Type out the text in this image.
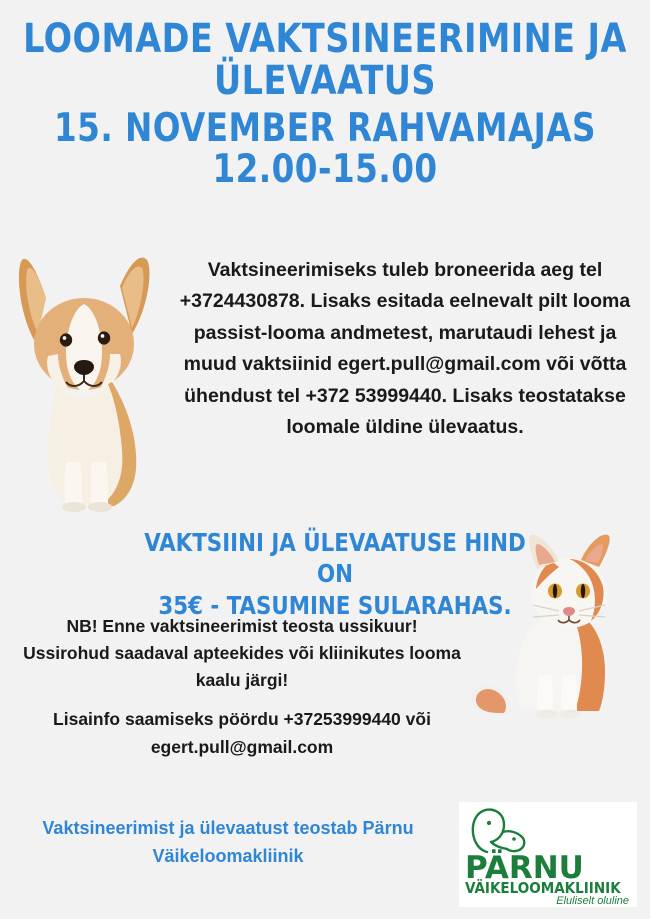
LOOMADE VAKTSINEERIMINE JA
ÜLEVAATUS
15. NOVEMBER RAHVAMAJAS
12.00-15.00

Vaktsineerimiseks tuleb broneerida aeg tel +3724430878. Lisaks esitada eelnevalt pilt looma passist-looma andmetest, marutaudi lehest ja muud vaktsiinid egert.pull@gmail.com või võtta ühendust tel +372 53999440. Lisaks teostatakse loomale üldine ülevaatus.

VAKTSIINI JA ÜLEVAATUSE HIND ON
35€ - TASUMINE SULARAHAS.
NB! Enne vaktsineerimist teosta ussikuur! Ussirohud saadaval apteekides või kliinikutes looma kaalu järgi!
Lisainfo saamiseks pöördu +37253999440 või egert.pull@gmail.com
Vaktsineerimist ja ülevaatust teostab Pärnu Väikeloomakliinik	PÄRNU
VÄIKELOOMAKLIINIK
Eluliselt oluline
